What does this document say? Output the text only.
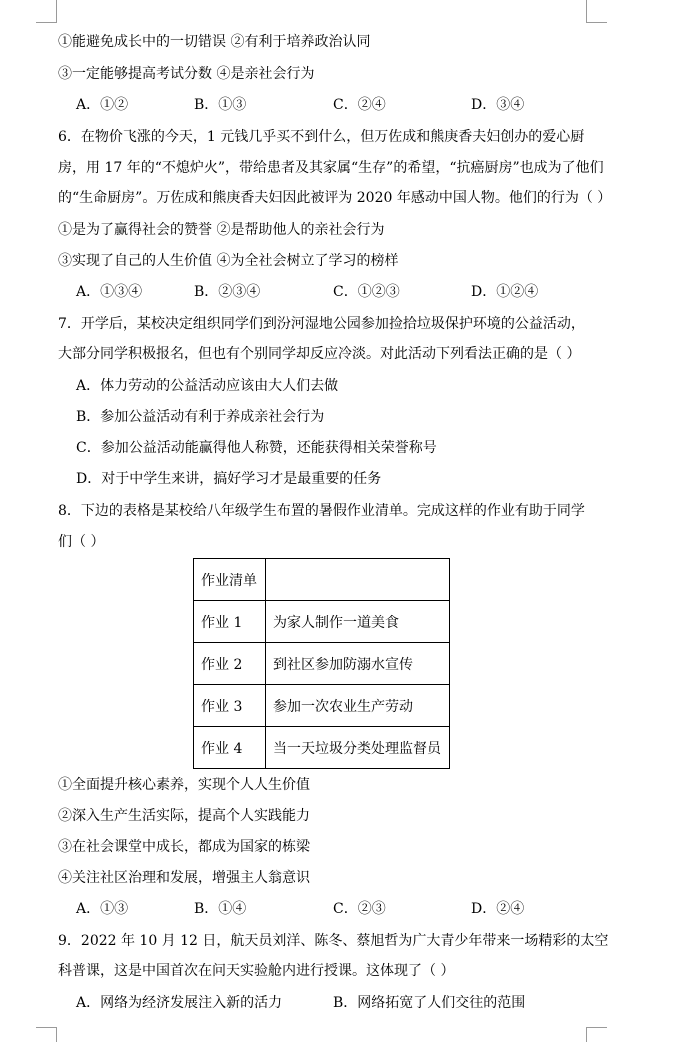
①能避免成长中的一切错误 ②有利于培养政治认同
③一定能够提高考试分数 ④是亲社会行为
A．①②	B．①③	C．②④	D．③④
6．在物价飞涨的今天，1 元钱几乎买不到什么，但万佐成和熊庚香夫妇创办的爱心厨
房，用 17 年的“不熄炉火”，带给患者及其家属“生存”的希望，“抗癌厨房”也成为了他们
的“生命厨房”。万佐成和熊庚香夫妇因此被评为 2020 年感动中国人物。他们的行为（ ）
①是为了赢得社会的赞誉 ②是帮助他人的亲社会行为
③实现了自己的人生价值 ④为全社会树立了学习的榜样
A．①③④	B．②③④	C．①②③	D．①②④
7．开学后，某校决定组织同学们到汾河湿地公园参加捡拾垃圾保护环境的公益活动，
大部分同学积极报名，但也有个别同学却反应冷淡。对此活动下列看法正确的是（ ）
A．体力劳动的公益活动应该由大人们去做
B．参加公益活动有利于养成亲社会行为
C．参加公益活动能赢得他人称赞，还能获得相关荣誉称号
D．对于中学生来讲，搞好学习才是最重要的任务
8．下边的表格是某校给八年级学生布置的暑假作业清单。完成这样的作业有助于同学
们（ ）
作业清单	
作业 1	为家人制作一道美食
作业 2	到社区参加防溺水宣传
作业 3	参加一次农业生产劳动
作业 4	当一天垃圾分类处理监督员
①全面提升核心素养，实现个人人生价值
②深入生产生活实际，提高个人实践能力
③在社会课堂中成长，都成为国家的栋梁
④关注社区治理和发展，增强主人翁意识
A．①③	B．①④	C．②③	D．②④
9．2022 年 10 月 12 日，航天员刘洋、陈冬、蔡旭哲为广大青少年带来一场精彩的太空
科普课，这是中国首次在问天实验舱内进行授课。这体现了（ ）
A．网络为经济发展注入新的活力	B．网络拓宽了人们交往的范围
